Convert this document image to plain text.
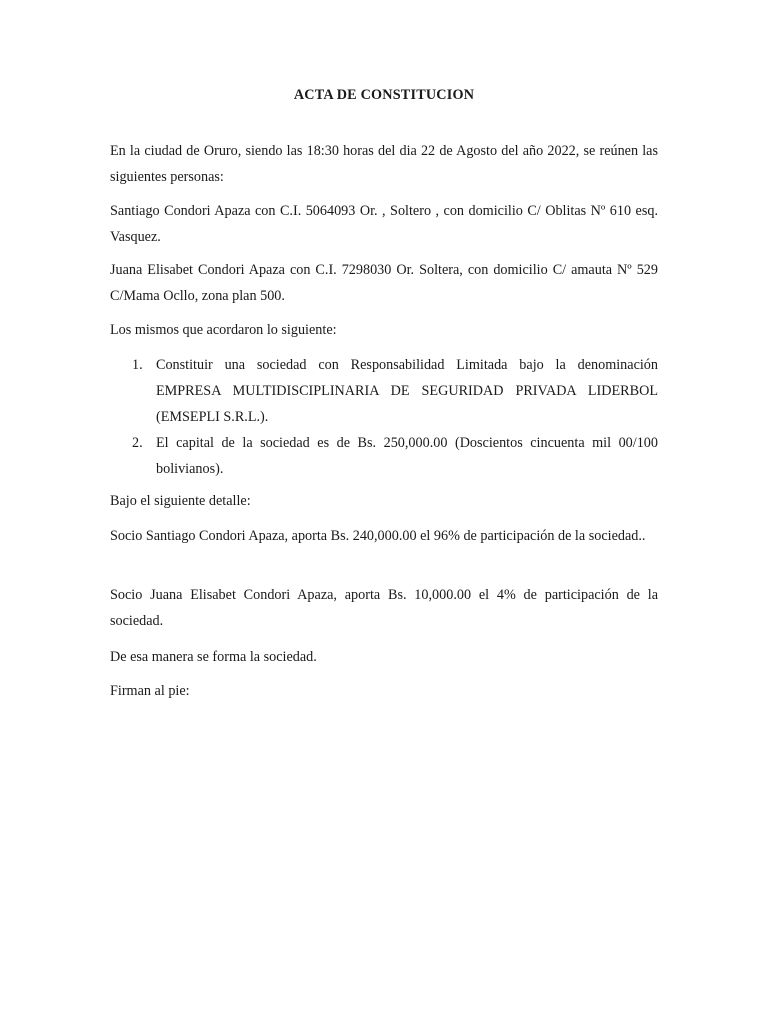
ACTA DE CONSTITUCION

En la ciudad de Oruro, siendo las 18:30 horas del dia 22 de Agosto del año 2022, se reúnen las siguientes personas:

Santiago Condori Apaza con C.I. 5064093 Or. , Soltero , con domicilio C/ Oblitas Nº 610 esq. Vasquez.

Juana Elisabet Condori Apaza con C.I. 7298030 Or. Soltera, con domicilio C/ amauta Nº 529 C/Mama Ocllo, zona plan 500.

Los mismos que acordaron lo siguiente:

1. Constituir una sociedad con Responsabilidad Limitada bajo la denominación EMPRESA MULTIDISCIPLINARIA DE SEGURIDAD PRIVADA LIDERBOL (EMSEPLI S.R.L.).
2. El capital de la sociedad es de Bs. 250,000.00 (Doscientos cincuenta mil 00/100 bolivianos).

Bajo el siguiente detalle:

Socio Santiago Condori Apaza, aporta Bs. 240,000.00 el 96% de participación de la sociedad..

Socio Juana Elisabet Condori Apaza, aporta Bs. 10,000.00 el 4% de participación de la sociedad.

De esa manera se forma la sociedad.

Firman al pie:
